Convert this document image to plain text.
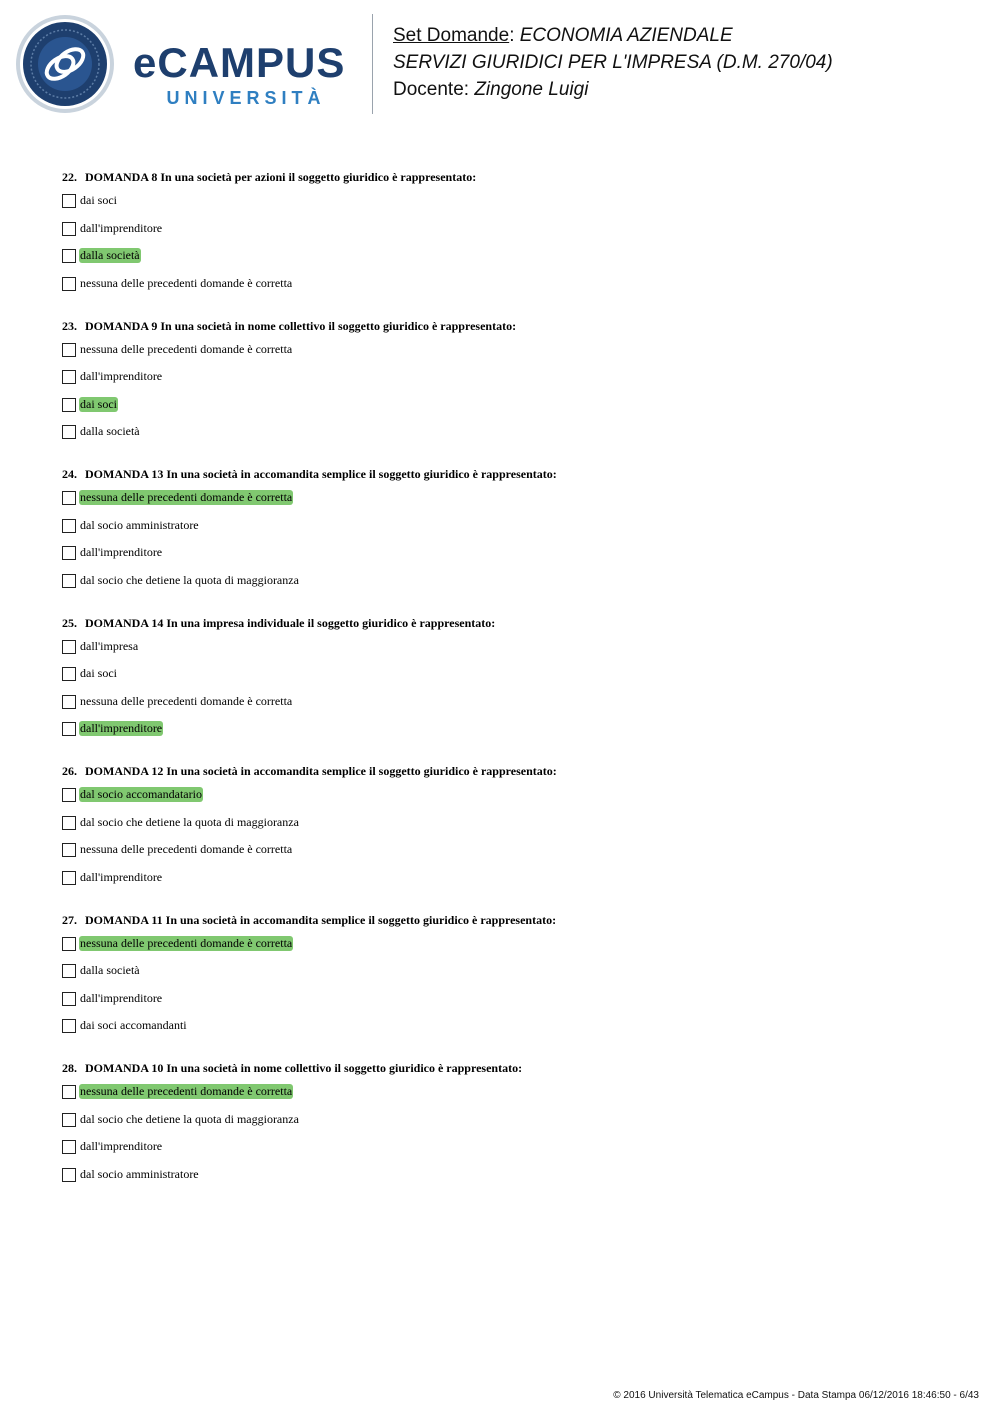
eCAMPUS
UNIVERSITÀ
Set Domande: ECONOMIA AZIENDALE
SERVIZI GIURIDICI PER L'IMPRESA (D.M. 270/04)
Docente: Zingone Luigi
22. DOMANDA 8 In una società per azioni il soggetto giuridico è rappresentato:
dai soci
dall'imprenditore
dalla società
nessuna delle precedenti domande è corretta
23. DOMANDA 9 In una società in nome collettivo il soggetto giuridico è rappresentato:
nessuna delle precedenti domande è corretta
dall'imprenditore
dai soci
dalla società
24. DOMANDA 13 In una società in accomandita semplice il soggetto giuridico è rappresentato:
nessuna delle precedenti domande è corretta
dal socio amministratore
dall'imprenditore
dal socio che detiene la quota di maggioranza
25. DOMANDA 14 In una impresa individuale il soggetto giuridico è rappresentato:
dall'impresa
dai soci
nessuna delle precedenti domande è corretta
dall'imprenditore
26. DOMANDA 12 In una società in accomandita semplice il soggetto giuridico è rappresentato:
dal socio accomandatario
dal socio che detiene la quota di maggioranza
nessuna delle precedenti domande è corretta
dall'imprenditore
27. DOMANDA 11 In una società in accomandita semplice il soggetto giuridico è rappresentato:
nessuna delle precedenti domande è corretta
dalla società
dall'imprenditore
dai soci accomandanti
28. DOMANDA 10 In una società in nome collettivo il soggetto giuridico è rappresentato:
nessuna delle precedenti domande è corretta
dal socio che detiene la quota di maggioranza
dall'imprenditore
dal socio amministratore
© 2016 Università Telematica eCampus - Data Stampa 06/12/2016 18:46:50 - 6/43
